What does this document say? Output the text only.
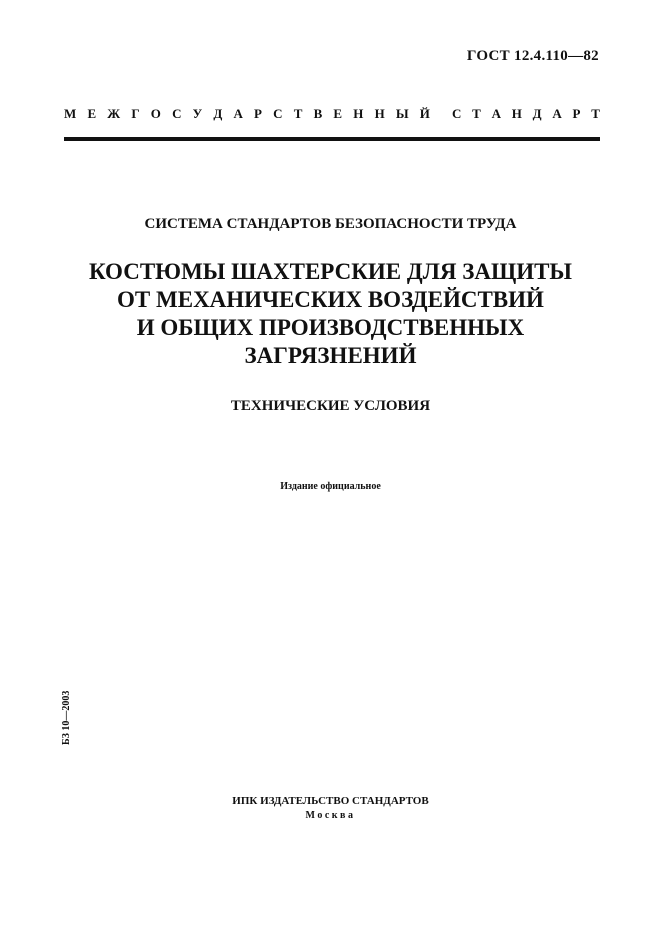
ГОСТ 12.4.110—82
М Е Ж Г О С У Д А Р С Т В Е Н Н Ы Й С Т А Н Д А Р Т
СИСТЕМА СТАНДАРТОВ БЕЗОПАСНОСТИ ТРУДА
КОСТЮМЫ ШАХТЕРСКИЕ ДЛЯ ЗАЩИТЫ
ОТ МЕХАНИЧЕСКИХ ВОЗДЕЙСТВИЙ
И ОБЩИХ ПРОИЗВОДСТВЕННЫХ
ЗАГРЯЗНЕНИЙ
ТЕХНИЧЕСКИЕ УСЛОВИЯ
Издание официальное
БЗ 10—2003
ИПК ИЗДАТЕЛЬСТВО СТАНДАРТОВ
Москва
